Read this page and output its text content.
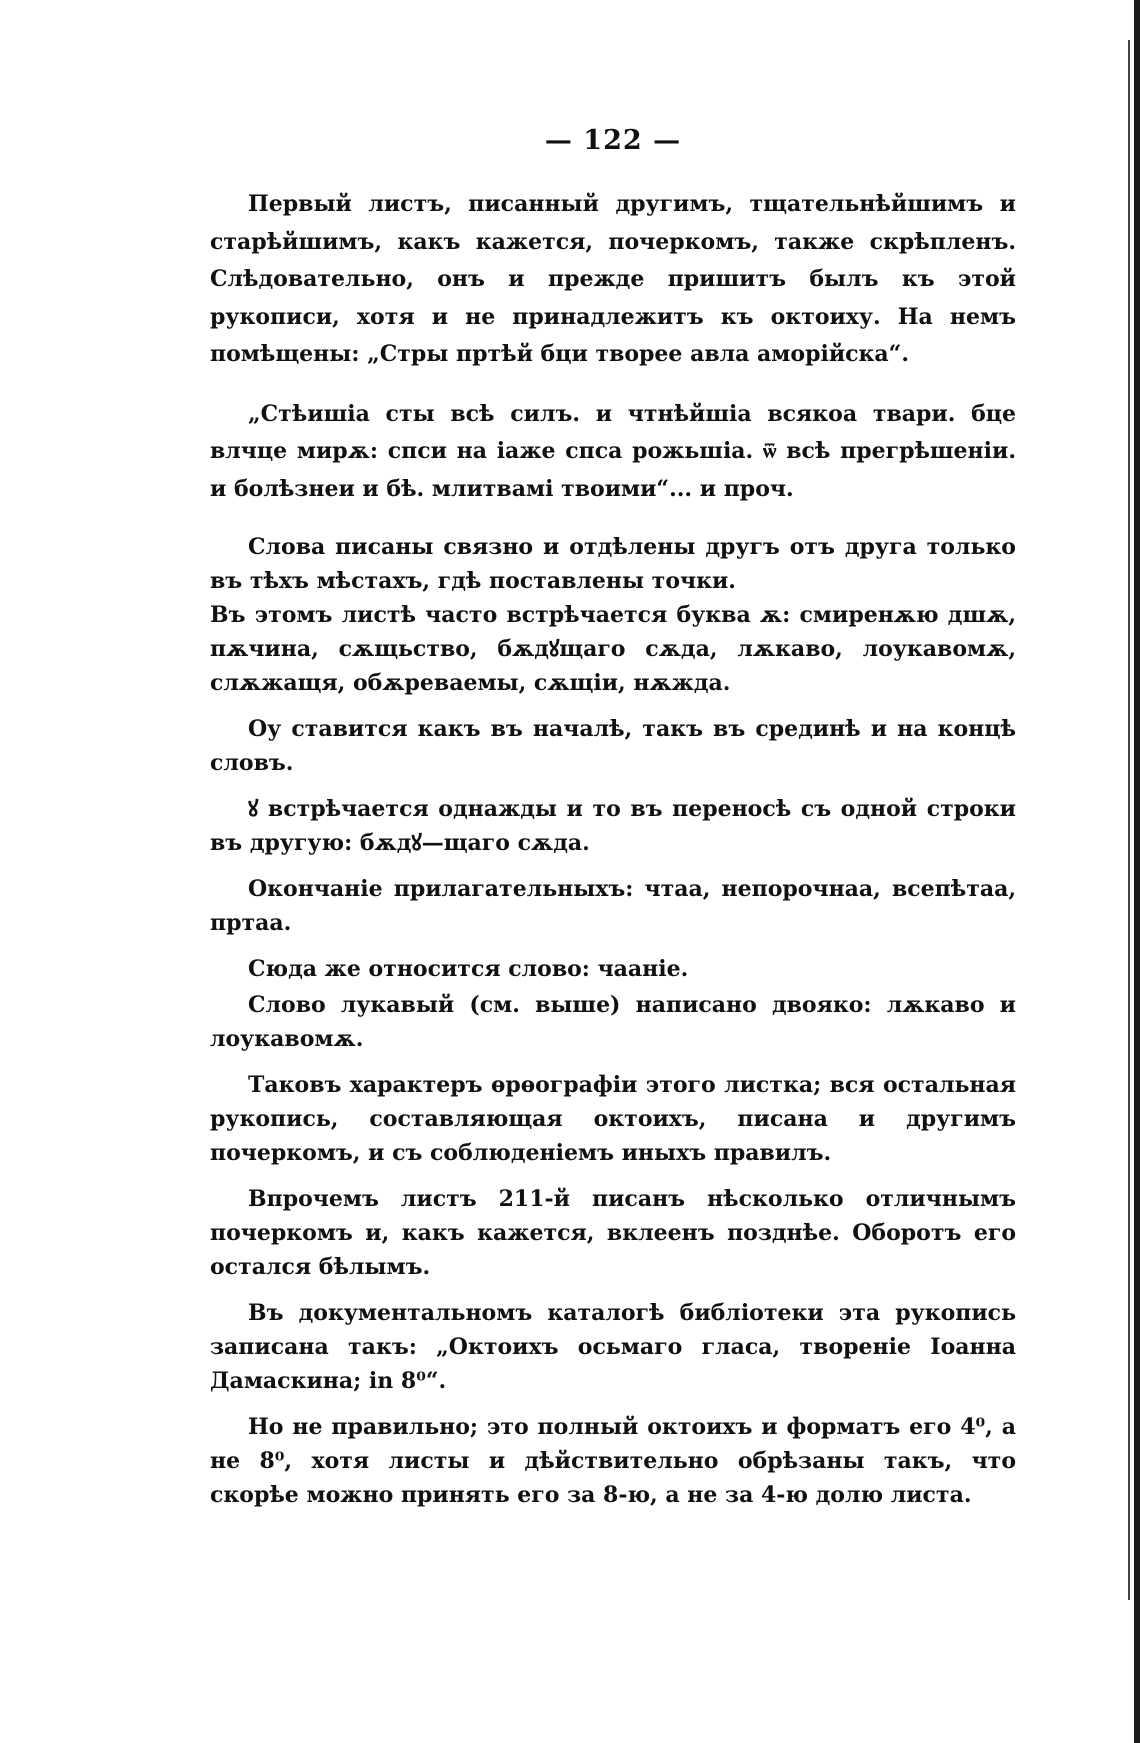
— 122 —

Первый листъ, писанный другимъ, тщательнѣйшимъ и старѣйшимъ, какъ кажется, почеркомъ, также скрѣпленъ. Слѣдовательно, онъ и прежде пришитъ былъ къ этой рукописи, хотя и не принадлежитъ къ октоиху. На немъ помѣщены: „Стры пртѣй бци твoрее авла аморійска“.

„Стѣишіа сты всѣ силъ. и чтнѣйшіа всякоа твари. бце влчце мирѫ: спси на іаже спса рожьшіа. ѿ всѣ прегрѣшеніи. и болѣзнеи и бѣ. млитвамі твоими“... и проч.

Слова писаны связно и отдѣлены другъ отъ друга только въ тѣхъ мѣстахъ, гдѣ поставлены точки.

Въ этомъ листѣ часто встрѣчается буква ѫ: смиренѫю дшѫ, пѫчина, сѫщьство, бѫдꙋщаго сѫда, лѫкаво, лоукавомѫ, слѫжащя, обѫреваемы, сѫщіи, нѫжда.

Оу ставится какъ въ началѣ, такъ въ срединѣ и на концѣ словъ.

ꙋ встрѣчается однажды и то въ переносѣ съ одной строки въ другую: бѫдꙋ—щаго сѫда.

Окончаніе прилагательныхъ: чтаа, непорочнаа, всепѣтаа, пртаа.

Сюда же относится слово: чааніе.

Слово лукавый (см. выше) написано двояко: лѫкаво и лоукавомѫ.

Таковъ характеръ ѳрѳографіи этого листка; вся остальная рукопись, составляющая октоихъ, писана и другимъ почеркомъ, и съ соблюденіемъ иныхъ правилъ.

Впрочемъ листъ 211-й писанъ нѣсколько отличнымъ почеркомъ и, какъ кажется, вклеенъ позднѣе. Оборотъ его остался бѣлымъ.

Въ документальномъ каталогѣ библіотеки эта рукопись записана такъ: „Октоихъ осьмаго гласа, твореніе Іоанна Дамаскина; in 8⁰“.

Но не правильно; это полный октоихъ и форматъ его 4⁰, а не 8⁰, хотя листы и дѣйствительно обрѣзаны такъ, что скорѣе можно принять его за 8-ю, а не за 4-ю долю листа.
